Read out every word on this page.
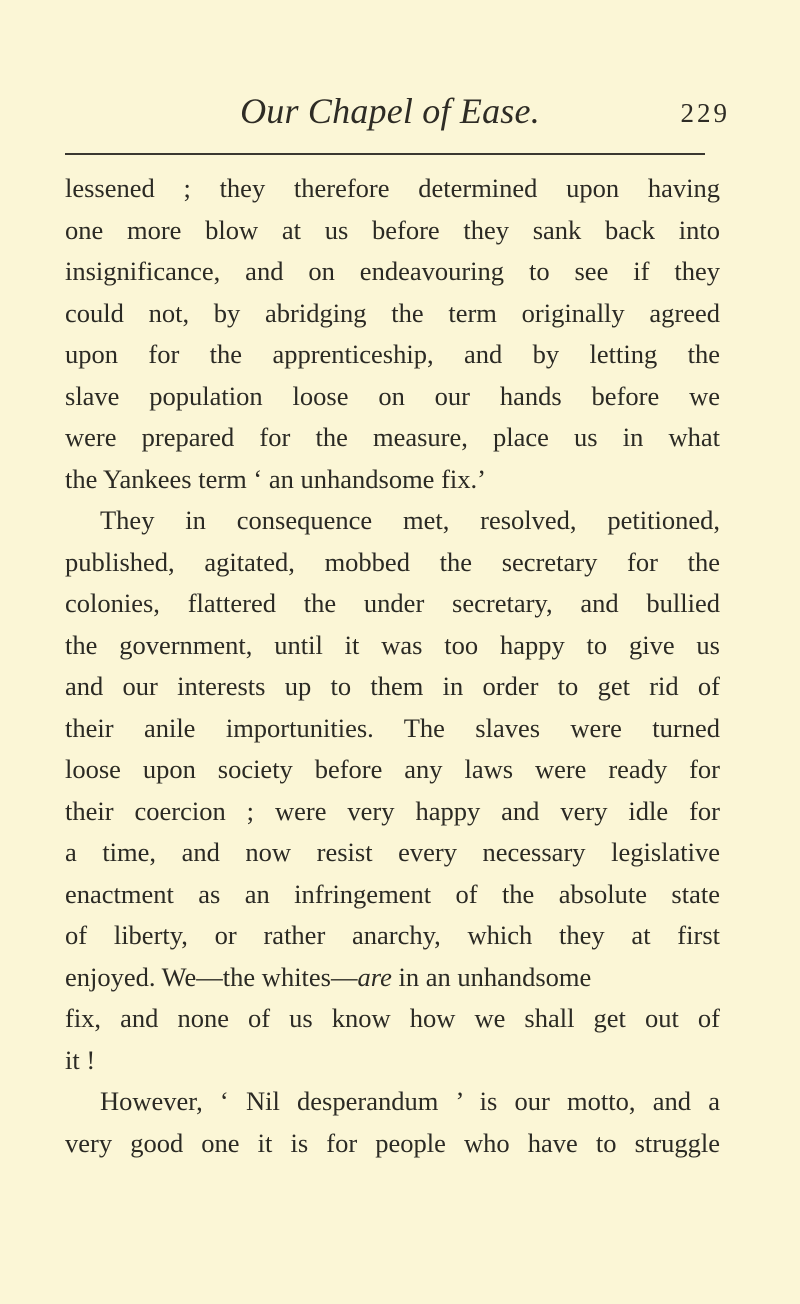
Our Chapel of Ease.	229
lessened ; they therefore determined upon having
one more blow at us before they sank back into
insignificance, and on endeavouring to see if they
could not, by abridging the term originally agreed
upon for the apprenticeship, and by letting the
slave population loose on our hands before we
were prepared for the measure, place us in what
the Yankees term ‘ an unhandsome fix.’
They in consequence met, resolved, petitioned,
published, agitated, mobbed the secretary for the
colonies, flattered the under secretary, and bullied
the government, until it was too happy to give us
and our interests up to them in order to get rid of
their anile importunities. The slaves were turned
loose upon society before any laws were ready for
their coercion ; were very happy and very idle for
a time, and now resist every necessary legislative
enactment as an infringement of the absolute state
of liberty, or rather anarchy, which they at first
enjoyed. We—the whites—are in an unhandsome
fix, and none of us know how we shall get out of
it !
However, ‘ Nil desperandum ’ is our motto, and a
very good one it is for people who have to struggle
